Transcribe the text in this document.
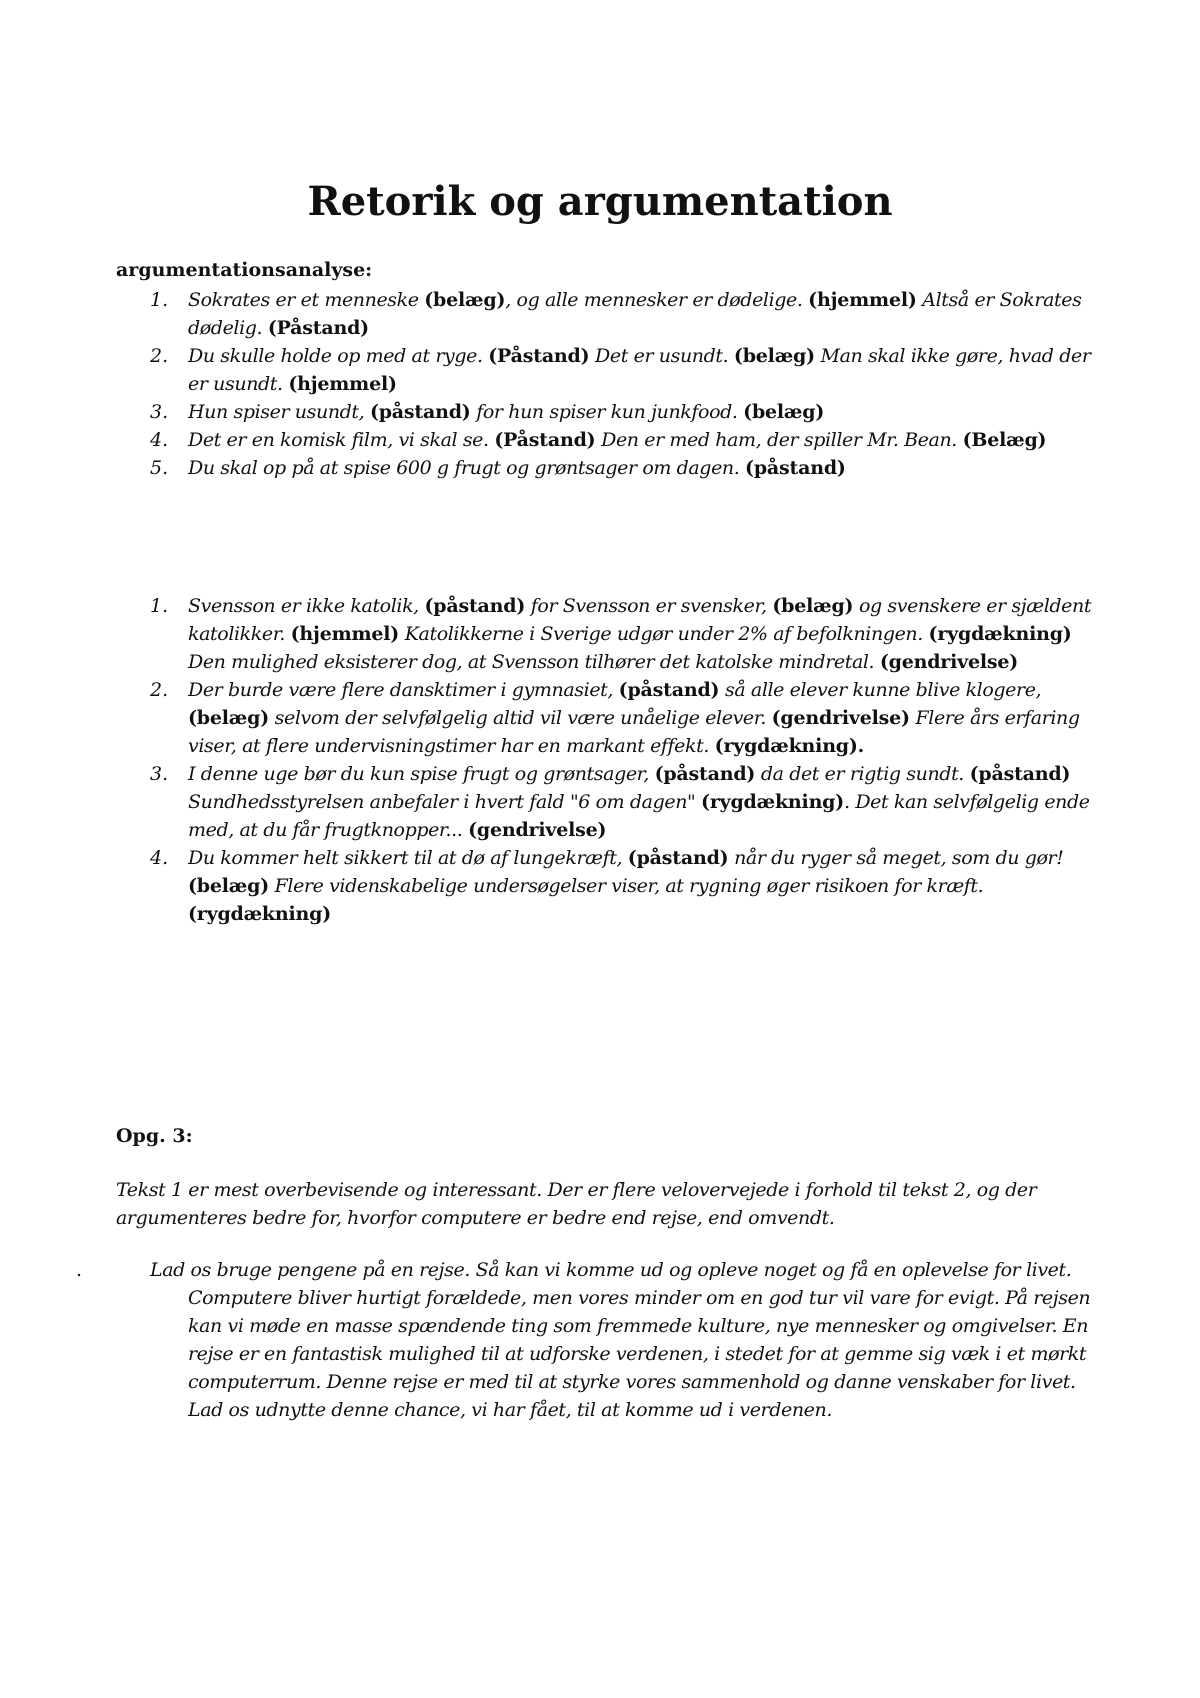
Retorik og argumentation

argumentationsanalyse:

1. Sokrates er et menneske (belæg), og alle mennesker er dødelige. (hjemmel) Altså er Sokrates dødelig. (Påstand)
2. Du skulle holde op med at ryge. (Påstand) Det er usundt. (belæg) Man skal ikke gøre, hvad der er usundt. (hjemmel)
3. Hun spiser usundt, (påstand) for hun spiser kun junkfood. (belæg)
4. Det er en komisk film, vi skal se. (Påstand) Den er med ham, der spiller Mr. Bean. (Belæg)
5. Du skal op på at spise 600 g frugt og grøntsager om dagen. (påstand)
1. Svensson er ikke katolik, (påstand) for Svensson er svensker, (belæg) og svenskere er sjældent katolikker. (hjemmel) Katolikkerne i Sverige udgør under 2% af befolkningen. (rygdækning) Den mulighed eksisterer dog, at Svensson tilhører det katolske mindretal. (gendrivelse)
2. Der burde være flere dansktimer i gymnasiet, (påstand) så alle elever kunne blive klogere, (belæg) selvom der selvfølgelig altid vil være unåelige elever. (gendrivelse) Flere års erfaring viser, at flere undervisningstimer har en markant effekt. (rygdækning).
3. I denne uge bør du kun spise frugt og grøntsager, (påstand) da det er rigtig sundt. (påstand) Sundhedsstyrelsen anbefaler i hvert fald "6 om dagen" (rygdækning). Det kan selvfølgelig ende med, at du får frugtknopper... (gendrivelse)
4. Du kommer helt sikkert til at dø af lungekræft, (påstand) når du ryger så meget, som du gør! (belæg) Flere videnskabelige undersøgelser viser, at rygning øger risikoen for kræft. (rygdækning)

Opg. 3:

Tekst 1 er mest overbevisende og interessant. Der er flere velovervejede i forhold til tekst 2, og der argumenteres bedre for, hvorfor computere er bedre end rejse, end omvendt.

.	Lad os bruge pengene på en rejse. Så kan vi komme ud og opleve noget og få en oplevelse for livet. Computere bliver hurtigt forældede, men vores minder om en god tur vil vare for evigt. På rejsen kan vi møde en masse spændende ting som fremmede kulture, nye mennesker og omgivelser. En rejse er en fantastisk mulighed til at udforske verdenen, i stedet for at gemme sig væk i et mørkt computerrum. Denne rejse er med til at styrke vores sammenhold og danne venskaber for livet. Lad os udnytte denne chance, vi har fået, til at komme ud i verdenen.
